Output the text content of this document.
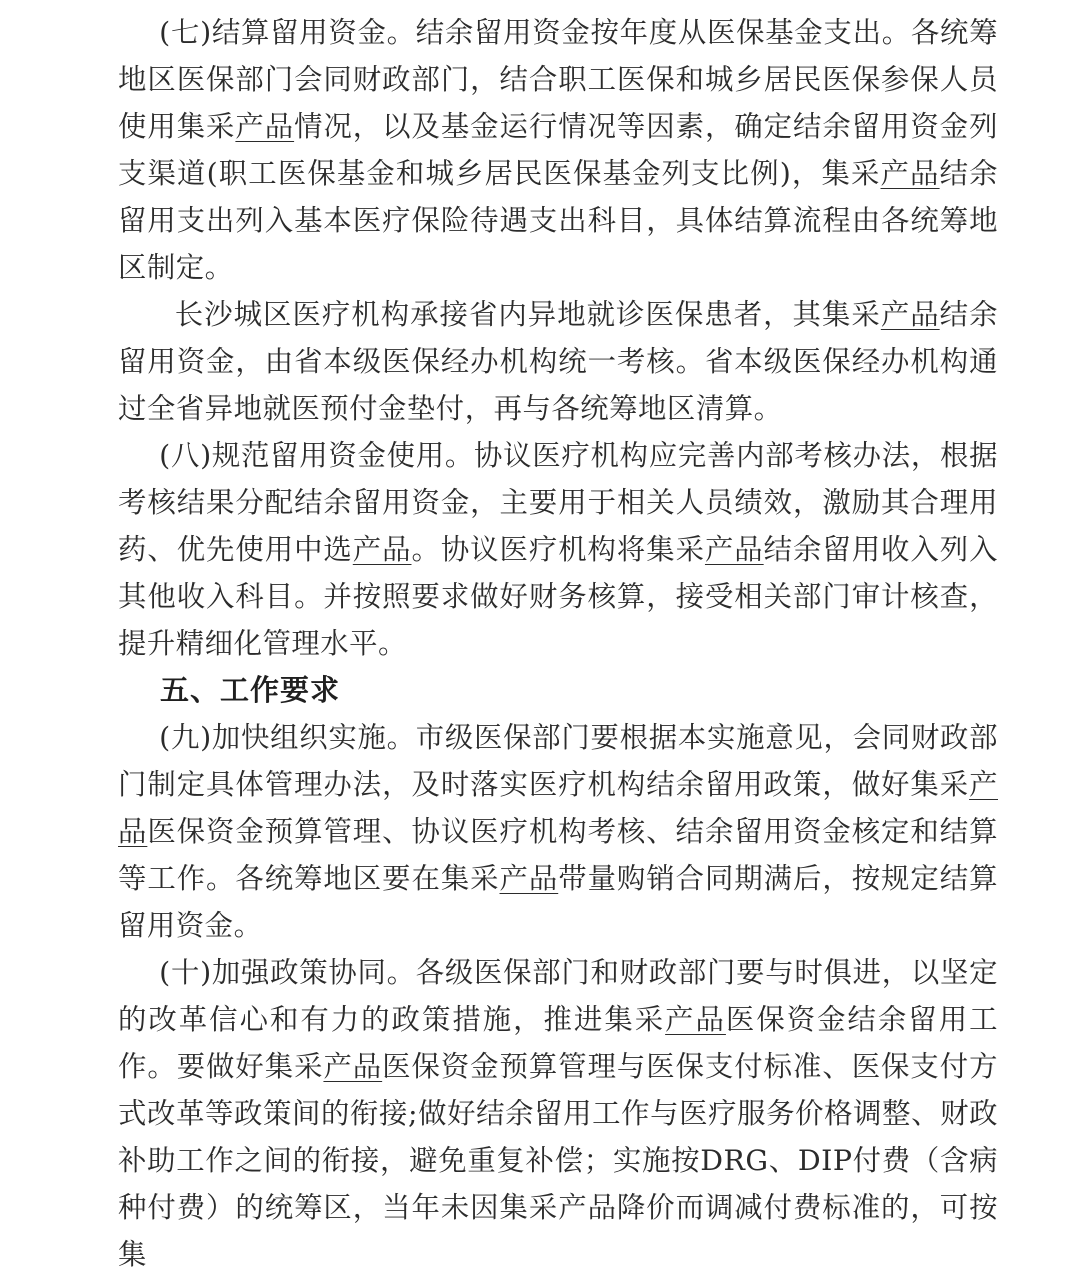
(七)结算留用资金。结余留用资金按年度从医保基金支出。各统筹地区医保部门会同财政部门，结合职工医保和城乡居民医保参保人员使用集采产品情况，以及基金运行情况等因素，确定结余留用资金列支渠道(职工医保基金和城乡居民医保基金列支比例)，集采产品结余留用支出列入基本医疗保险待遇支出科目，具体结算流程由各统筹地区制定。

长沙城区医疗机构承接省内异地就诊医保患者，其集采产品结余留用资金，由省本级医保经办机构统一考核。省本级医保经办机构通过全省异地就医预付金垫付，再与各统筹地区清算。

(八)规范留用资金使用。协议医疗机构应完善内部考核办法，根据考核结果分配结余留用资金，主要用于相关人员绩效，激励其合理用药、优先使用中选产品。协议医疗机构将集采产品结余留用收入列入其他收入科目。并按照要求做好财务核算，接受相关部门审计核查，提升精细化管理水平。

五、工作要求

(九)加快组织实施。市级医保部门要根据本实施意见，会同财政部门制定具体管理办法，及时落实医疗机构结余留用政策，做好集采产品医保资金预算管理、协议医疗机构考核、结余留用资金核定和结算等工作。各统筹地区要在集采产品带量购销合同期满后，按规定结算留用资金。

(十)加强政策协同。各级医保部门和财政部门要与时俱进，以坚定的改革信心和有力的政策措施，推进集采产品医保资金结余留用工作。要做好集采产品医保资金预算管理与医保支付标准、医保支付方式改革等政策间的衔接;做好结余留用工作与医疗服务价格调整、财政补助工作之间的衔接，避免重复补偿；实施按DRG、DIP付费（含病种付费）的统筹区，当年未因集采产品降价而调减付费标准的，可按集
